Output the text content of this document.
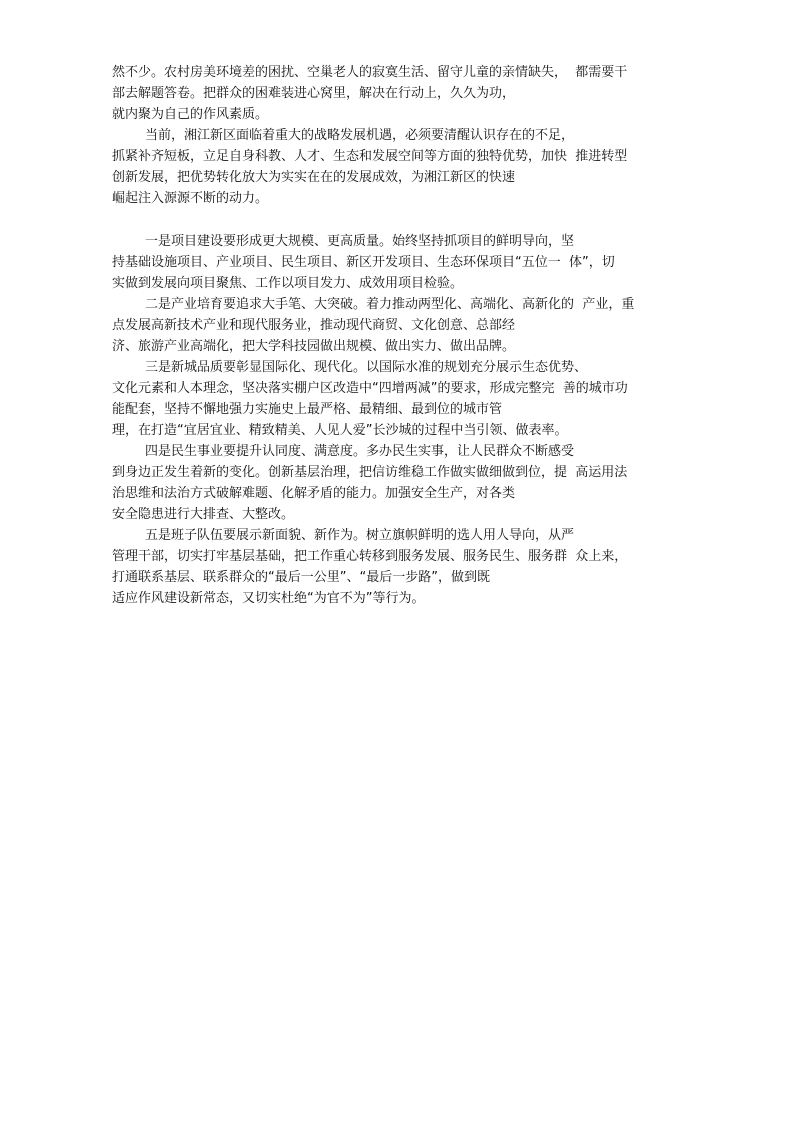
然不少。农村房美环境差的困扰、空巢老人的寂寞生活、留守儿童的亲情缺失，  都需要干
部去解题答卷。把群众的困难装进心窝里，解决在行动上，久久为功，
就内聚为自己的作风素质。
当前，湘江新区面临着重大的战略发展机遇，必须要清醒认识存在的不足，
抓紧补齐短板，立足自身科教、人才、生态和发展空间等方面的独特优势，加快  推进转型
创新发展，把优势转化放大为实实在在的发展成效，为湘江新区的快速
崛起注入源源不断的动力。
一是项目建设要形成更大规模、更高质量。始终坚持抓项目的鲜明导向，坚
持基础设施项目、产业项目、民生项目、新区开发项目、生态环保项目“五位一  体”，切
实做到发展向项目聚焦、工作以项目发力、成效用项目检验。
二是产业培育要追求大手笔、大突破。着力推动两型化、高端化、高新化的  产业，重
点发展高新技术产业和现代服务业，推动现代商贸、文化创意、总部经
济、旅游产业高端化，把大学科技园做出规模、做出实力、做出品牌。
三是新城品质要彰显国际化、现代化。以国际水准的规划充分展示生态优势、
文化元素和人本理念，坚决落实棚户区改造中“四增两减”的要求，形成完整完  善的城市功
能配套，坚持不懈地强力实施史上最严格、最精细、最到位的城市管
理，在打造“宜居宜业、精致精美、人见人爱”长沙城的过程中当引领、做表率。
四是民生事业要提升认同度、满意度。多办民生实事，让人民群众不断感受
到身边正发生着新的变化。创新基层治理，把信访维稳工作做实做细做到位，提  高运用法
治思维和法治方式破解难题、化解矛盾的能力。加强安全生产，对各类
安全隐患进行大排查、大整改。
五是班子队伍要展示新面貌、新作为。树立旗帜鲜明的选人用人导向，从严
管理干部，切实打牢基层基础，把工作重心转移到服务发展、服务民生、服务群  众上来，
打通联系基层、联系群众的“最后一公里”、“最后一步路”，做到既
适应作风建设新常态，又切实杜绝“为官不为”等行为。
